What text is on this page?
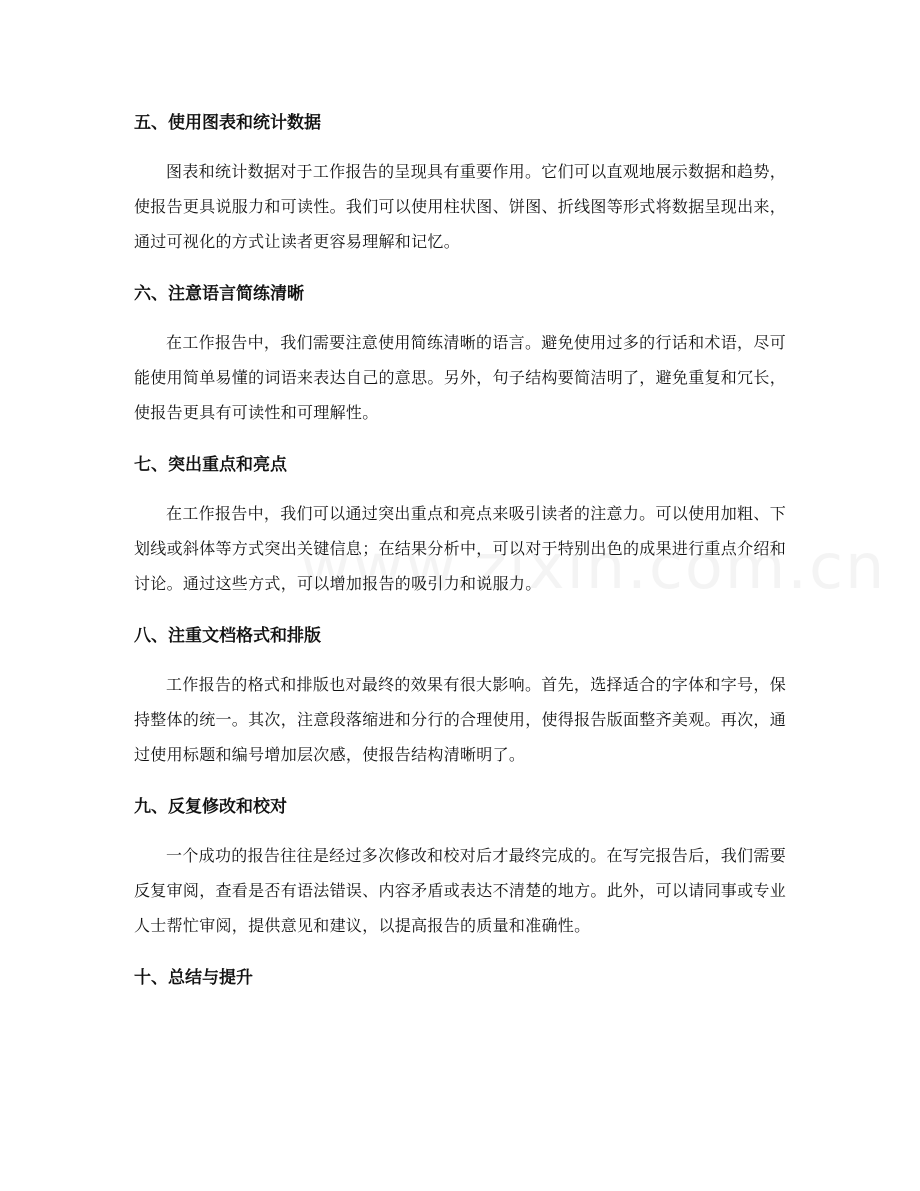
五、使用图表和统计数据

图表和统计数据对于工作报告的呈现具有重要作用。它们可以直观地展示数据和趋势，使报告更具说服力和可读性。我们可以使用柱状图、饼图、折线图等形式将数据呈现出来，通过可视化的方式让读者更容易理解和记忆。

六、注意语言简练清晰

在工作报告中，我们需要注意使用简练清晰的语言。避免使用过多的行话和术语，尽可能使用简单易懂的词语来表达自己的意思。另外，句子结构要简洁明了，避免重复和冗长，使报告更具有可读性和可理解性。

七、突出重点和亮点

在工作报告中，我们可以通过突出重点和亮点来吸引读者的注意力。可以使用加粗、下划线或斜体等方式突出关键信息；在结果分析中，可以对于特别出色的成果进行重点介绍和讨论。通过这些方式，可以增加报告的吸引力和说服力。

八、注重文档格式和排版

工作报告的格式和排版也对最终的效果有很大影响。首先，选择适合的字体和字号，保持整体的统一。其次，注意段落缩进和分行的合理使用，使得报告版面整齐美观。再次，通过使用标题和编号增加层次感，使报告结构清晰明了。

九、反复修改和校对

一个成功的报告往往是经过多次修改和校对后才最终完成的。在写完报告后，我们需要反复审阅，查看是否有语法错误、内容矛盾或表达不清楚的地方。此外，可以请同事或专业人士帮忙审阅，提供意见和建议，以提高报告的质量和准确性。

十、总结与提升
